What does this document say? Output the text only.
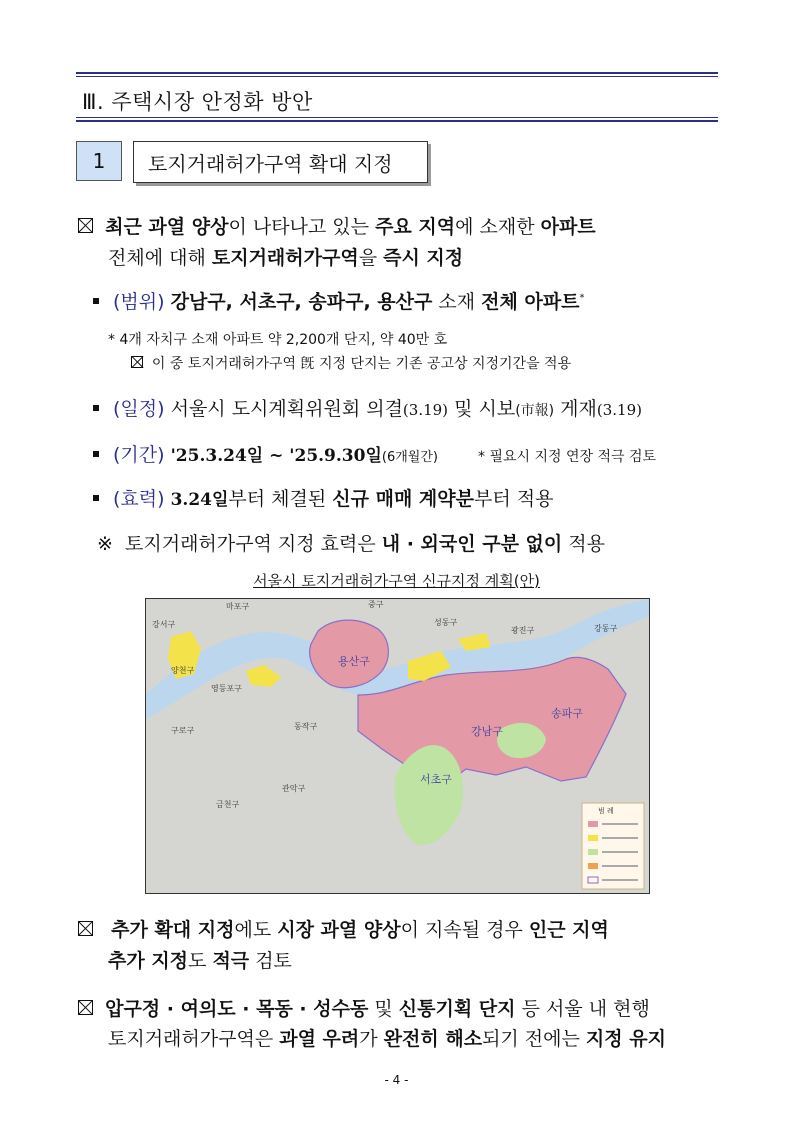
Ⅲ. 주택시장 안정화 방안
1	토지거래허가구역 확대 지정
최근 과열 양상이 나타나고 있는 주요 지역에 소재한 아파트
전체에 대해 토지거래허가구역을 즉시 지정
(범위) 강남구, 서초구, 송파구, 용산구 소재 전체 아파트*
* 4개 자치구 소재 아파트 약 2,200개 단지, 약 40만 호
이 중 토지거래허가구역 旣 지정 단지는 기존 공고상 지정기간을 적용
(일정) 서울시 도시계획위원회 의결(3.19) 및 시보(市報) 게재(3.19)
(기간) '25.3.24일 ~ '25.9.30일(6개월간)	* 필요시 지정 연장 적극 검토
(효력) 3.24일부터 체결된 신규 매매 계약분부터 적용
※ 토지거래허가구역 지정 효력은 내 · 외국인 구분 없이 적용
서울시 토지거래허가구역 신규지정 계획(안)
마포구	중구
성동구
강서구
광진구	강동구
양천구
영등포구
구로구	동작구
관악구
금천구
용산구
강남구
송파구
서초구
범 례
추가 확대 지정에도 시장 과열 양상이 지속될 경우 인근 지역
추가 지정도 적극 검토
압구정 · 여의도 · 목동 · 성수동 및 신통기획 단지 등 서울 내 현행
토지거래허가구역은 과열 우려가 완전히 해소되기 전에는 지정 유지
- 4 -
